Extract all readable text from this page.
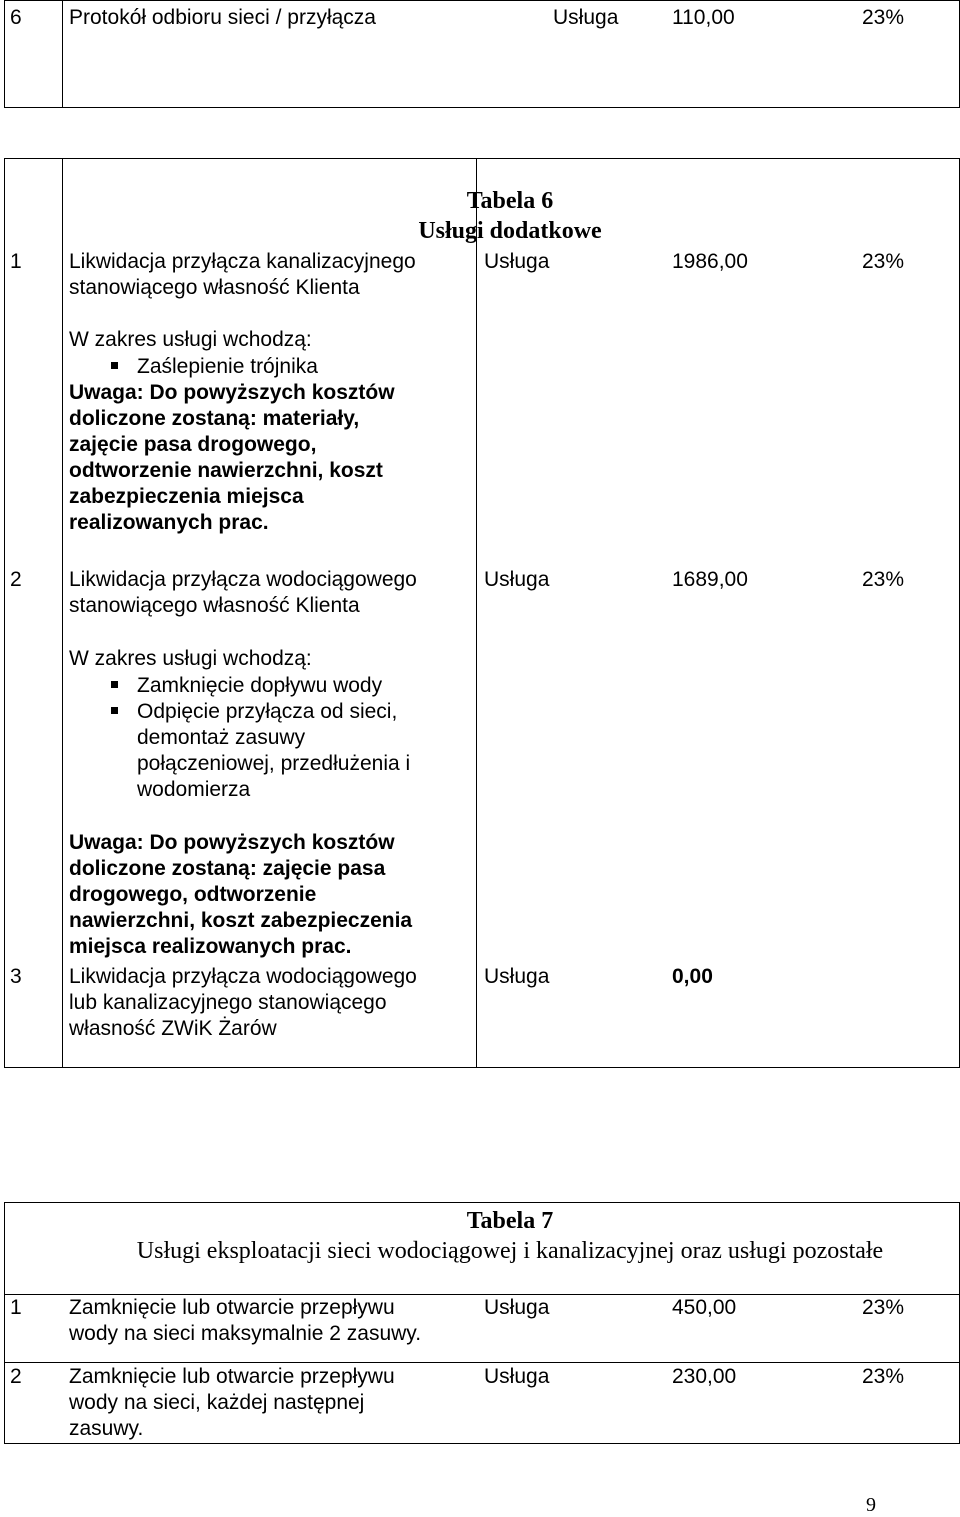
6 Protokół odbioru sieci / przyłącza	Usługa	110,00	23%
Tabela 6
Usługi dodatkowe
1 Likwidacja przyłącza kanalizacyjnego
stanowiącego własność Klienta
W zakres usługi wchodzą:
Zaślepienie trójnika
Uwaga: Do powyższych kosztów
doliczone zostaną: materiały,
zajęcie pasa drogowego,
odtworzenie nawierzchni, koszt
zabezpieczenia miejsca
realizowanych prac.
Usługa	1986,00	23%
2 Likwidacja przyłącza wodociągowego
stanowiącego własność Klienta
W zakres usługi wchodzą:
Zamknięcie dopływu wody
Odpięcie przyłącza od sieci,
demontaż zasuwy
połączeniowej, przedłużenia i
wodomierza
Uwaga: Do powyższych kosztów
doliczone zostaną: zajęcie pasa
drogowego, odtworzenie
nawierzchni, koszt zabezpieczenia
miejsca realizowanych prac.
Usługa	1689,00	23%
3 Likwidacja przyłącza wodociągowego
lub kanalizacyjnego stanowiącego
własność ZWiK Żarów
Usługa	0,00
Tabela 7
Usługi eksploatacji sieci wodociągowej i kanalizacyjnej oraz usługi pozostałe
1 Zamknięcie lub otwarcie przepływu
wody na sieci maksymalnie 2 zasuwy.
Usługa	450,00	23%
2 Zamknięcie lub otwarcie przepływu
wody na sieci, każdej następnej
zasuwy.
Usługa	230,00	23%
9
